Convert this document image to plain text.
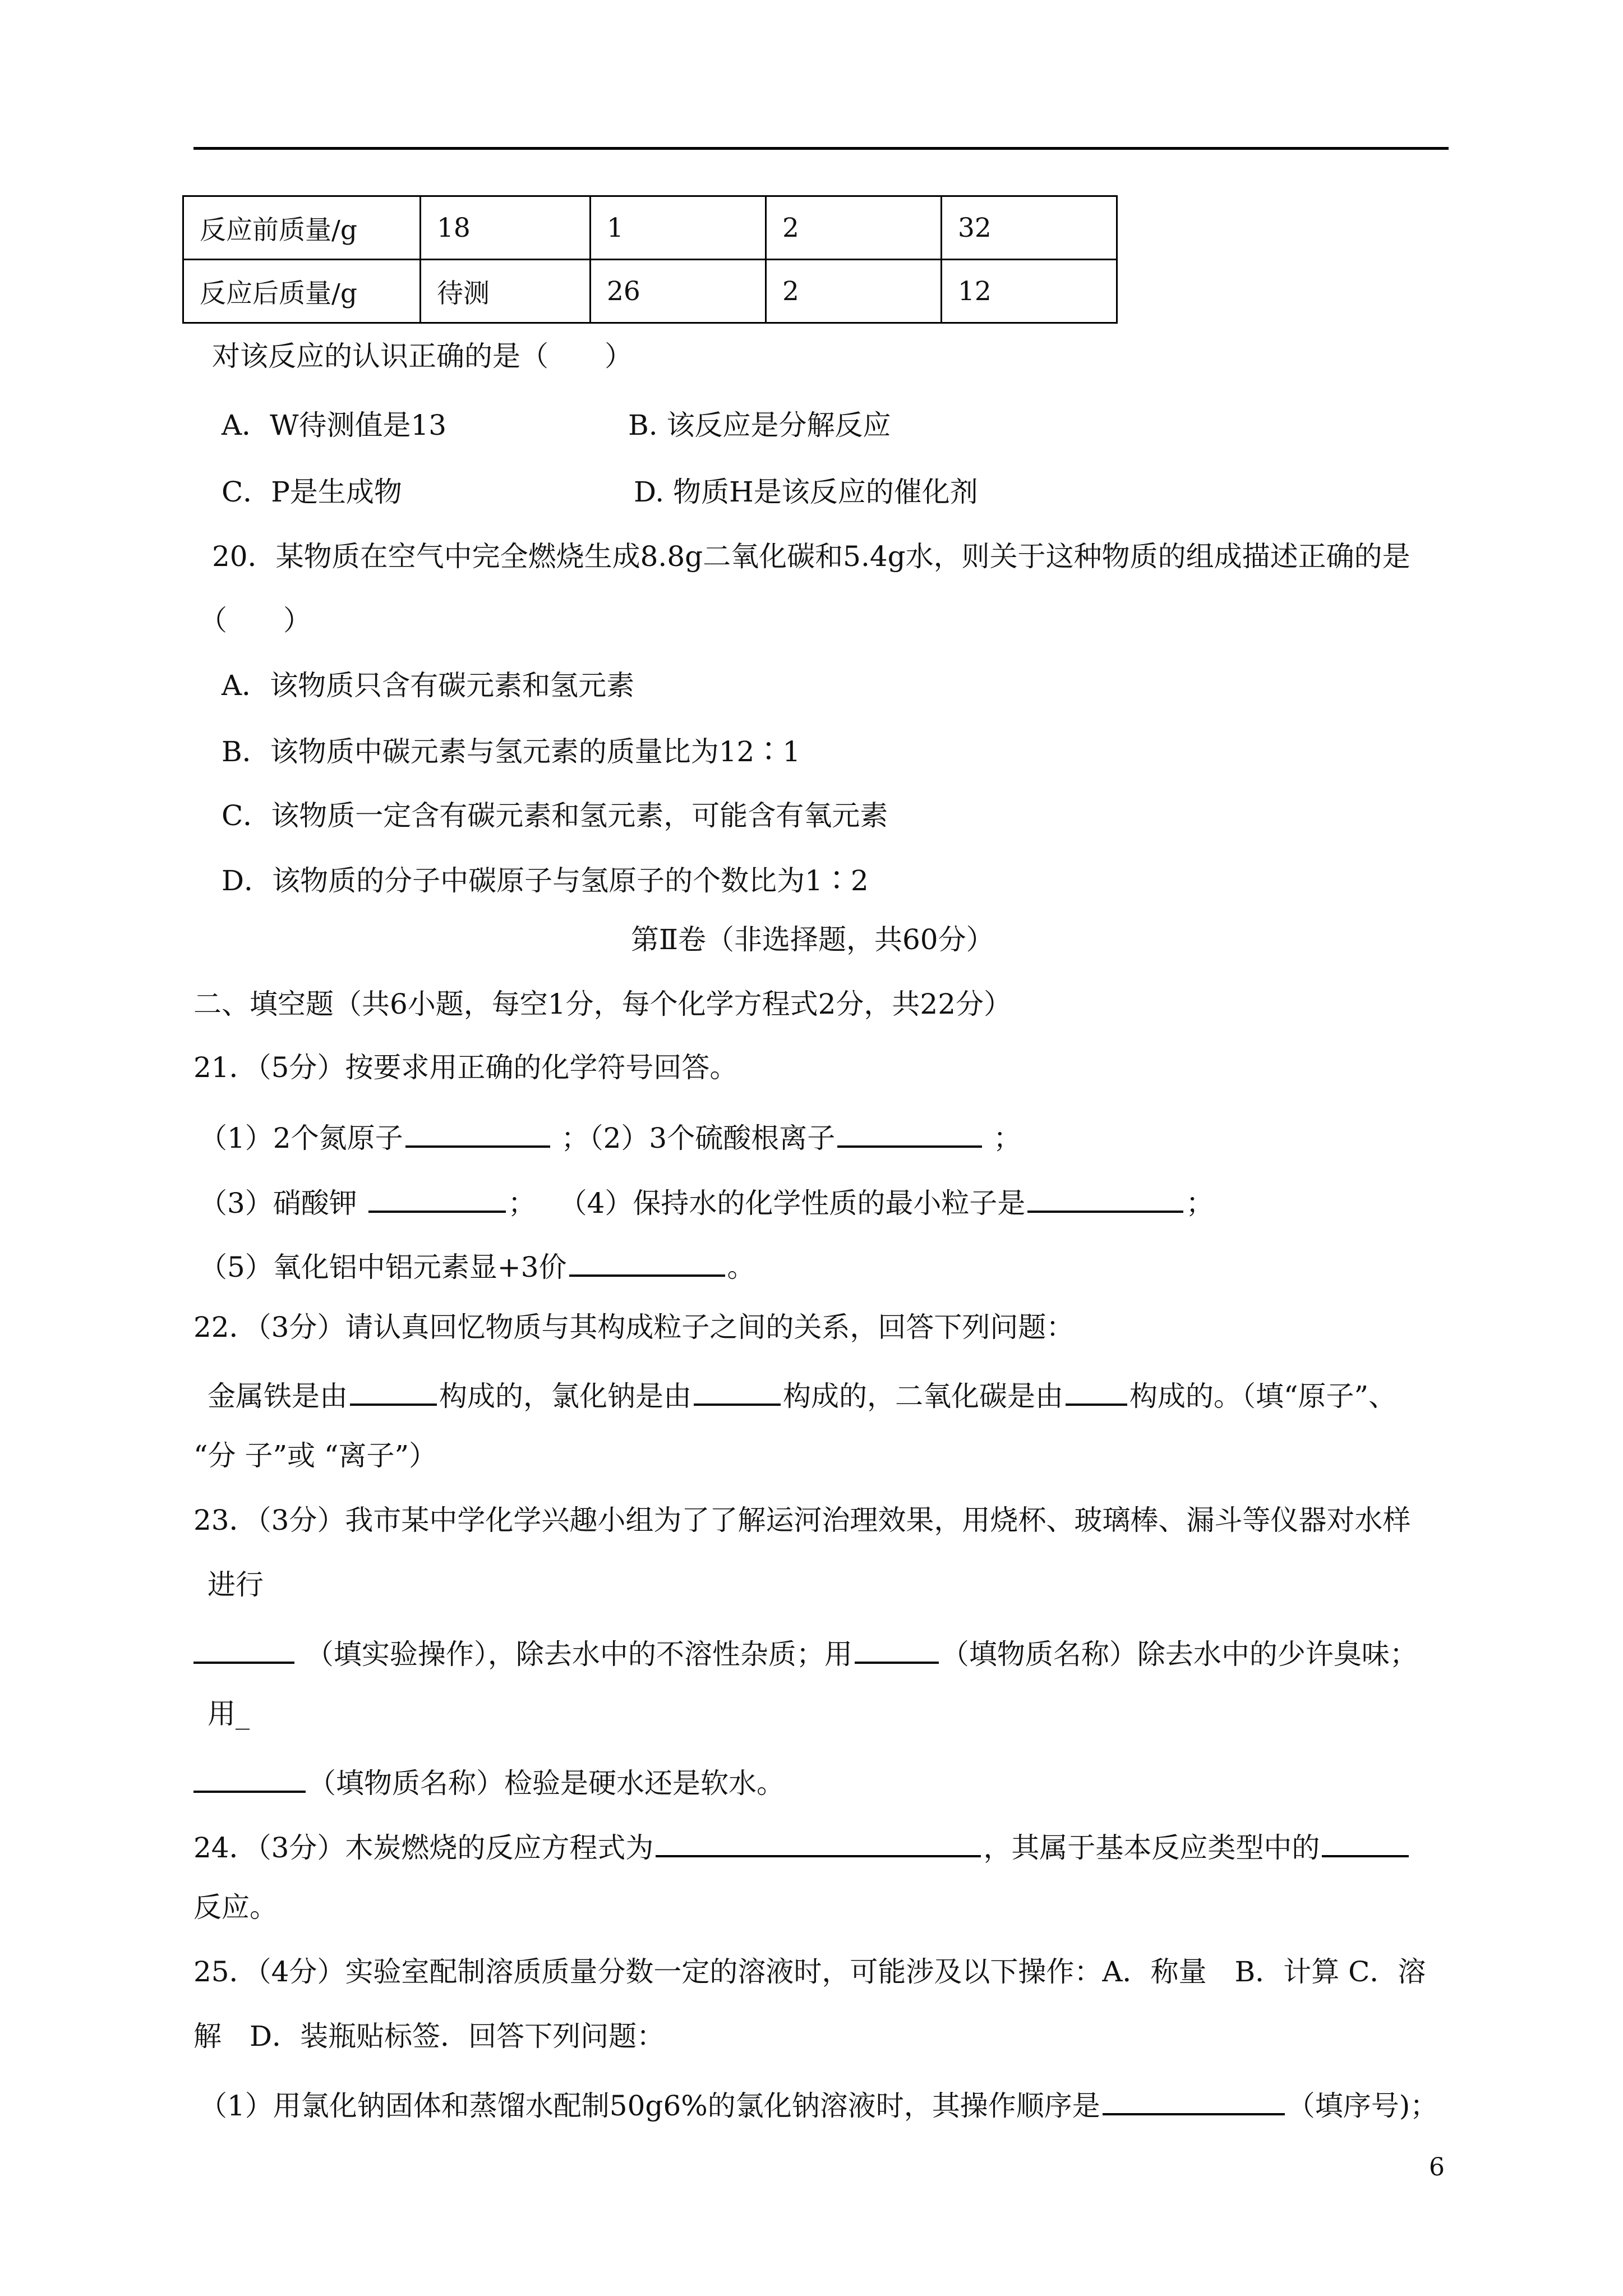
反应前质量/g	18	1	2	32
反应后质量/g	待测	26	2	12
对该反应的认识正确的是（　　）
A．W待测值是13	B. 该反应是分解反应
C．P是生成物	D. 物质H是该反应的催化剂
20．某物质在空气中完全燃烧生成8.8g二氧化碳和5.4g水，则关于这种物质的组成描述正确的是
（　　）
A．该物质只含有碳元素和氢元素
B．该物质中碳元素与氢元素的质量比为12∶1
C．该物质一定含有碳元素和氢元素，可能含有氧元素
D．该物质的分子中碳原子与氢原子的个数比为1∶2
第Ⅱ卷（非选择题，共60分）
二、填空题（共6小题，每空1分，每个化学方程式2分，共22分）
21．（5分）按要求用正确的化学符号回答。
（1）2个氮原子	；（2）3个硫酸根离子	；
（3）硝酸钾	；　 （4）保持水的化学性质的最小粒子是	；
（5）氧化铝中铝元素显+3价	。
22．（3分）请认真回忆物质与其构成粒子之间的关系，回答下列问题：
金属铁是由	构成的，氯化钠是由	构成的，二氧化碳是由 构成的。（填“原子”、
“分 子”或 “离子”）
23．（3分）我市某中学化学兴趣小组为了了解运河治理效果，用烧杯、玻璃棒、漏斗等仪器对水样
进行
（填实验操作），除去水中的不溶性杂质；用	（填物质名称）除去水中的少许臭味；
用_
（填物质名称）检验是硬水还是软水。
24．（3分）木炭燃烧的反应方程式为	，其属于基本反应类型中的
反应。
25．（4分）实验室配制溶质质量分数一定的溶液时，可能涉及以下操作：A．称量　B．计算 C．溶
解　D．装瓶贴标签．回答下列问题：
（1）用氯化钠固体和蒸馏水配制50g6%的氯化钠溶液时，其操作顺序是	（填序号)；
6
